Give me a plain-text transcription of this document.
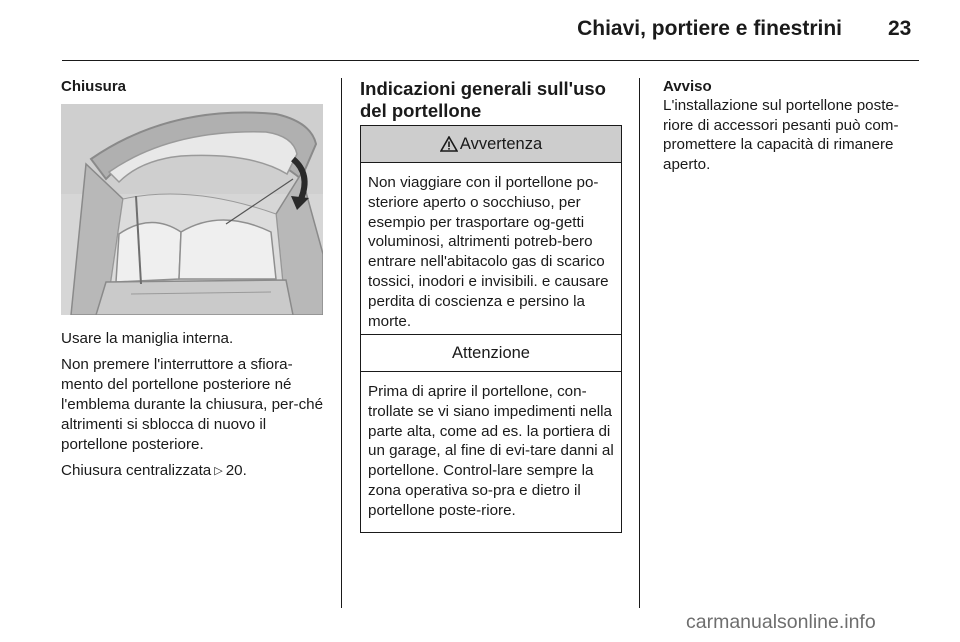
Chiavi, portiere e finestrini 23
Chiusura

Usare la maniglia interna.

Non premere l'interruttore a sfiora-mento del portellone posteriore né l'emblema durante la chiusura, per-ché altrimenti si sblocca di nuovo il portellone posteriore.

Chiusura centralizzata ▷ 20.

Indicazioni generali sull'uso del portellone
Avvertenza
Non viaggiare con il portellone po-steriore aperto o socchiuso, per esempio per trasportare og-getti voluminosi, altrimenti potreb-bero entrare nell'abitacolo gas di scarico tossici, inodori e invisibili. e causare perdita di coscienza e persino la morte.
Attenzione
Prima di aprire il portellone, con-trollate se vi siano impedimenti nella parte alta, come ad es. la portiera di un garage, al fine di evi-tare danni al portellone. Control-lare sempre la zona operativa so-pra e dietro il portellone poste-riore.
Avviso
L'installazione sul portellone poste-riore di accessori pesanti può com-promettere la capacità di rimanere aperto.
carmanualsonline.info
